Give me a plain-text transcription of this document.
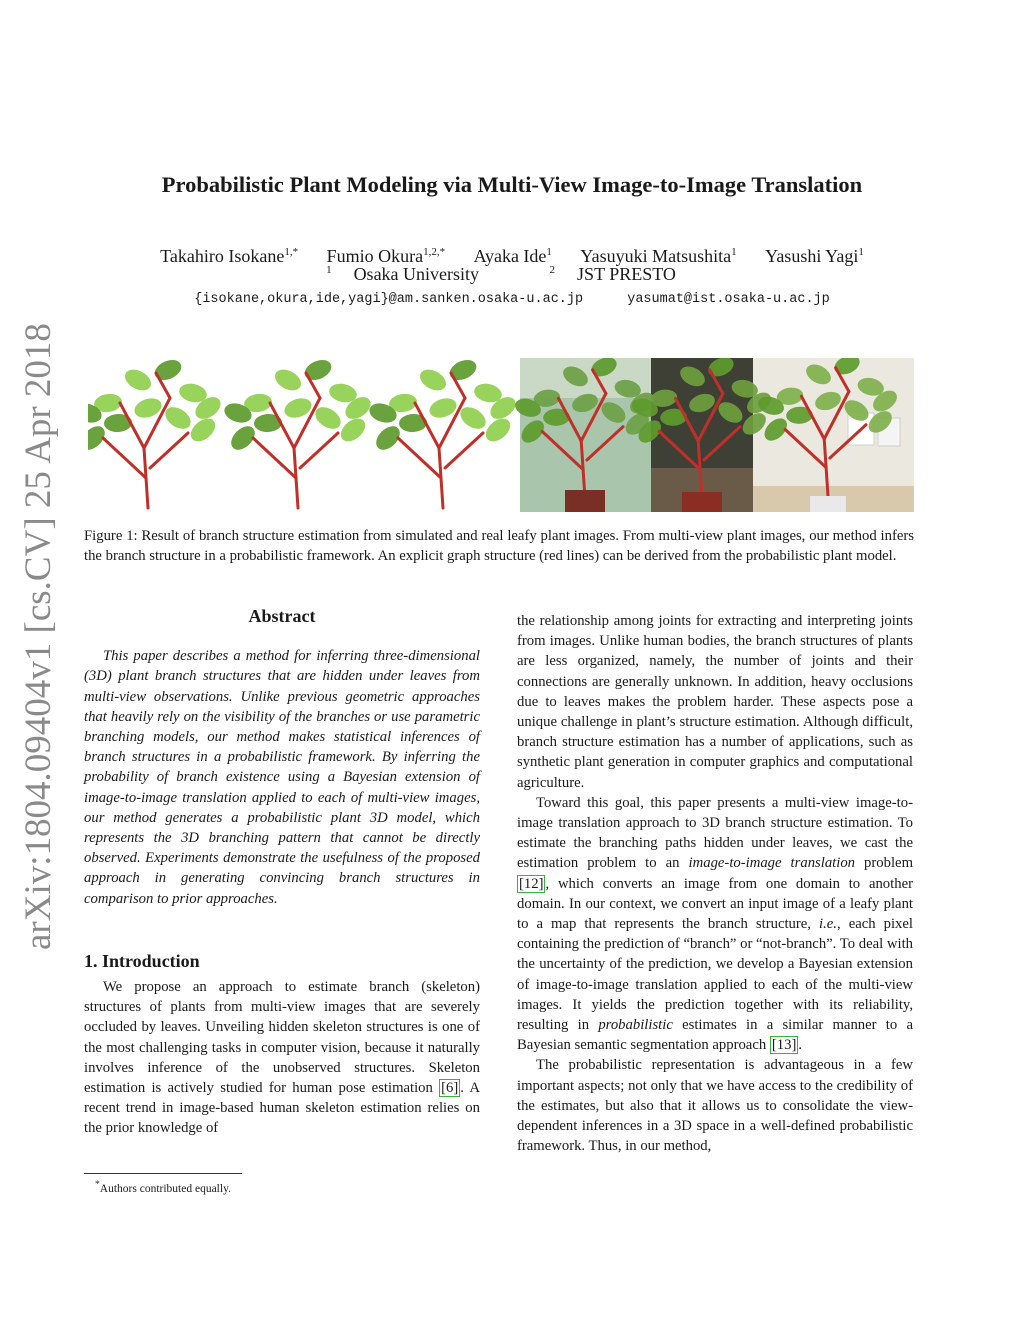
arXiv:1804.09404v1 [cs.CV] 25 Apr 2018
Probabilistic Plant Modeling via Multi-View Image-to-Image Translation
Takahiro Isokane$^{1,*}$ Fumio Okura$^{1,2,*}$ Ayaka Ide$^1$ Yasuyuki Matsushita$^1$ Yasushi Yagi$^1$
$^1$ Osaka University	$^2$ JST PRESTO
{isokane,okura,ide,yagi}@am.sanken.osaka-u.ac.jp	yasumat@ist.osaka-u.ac.jp
Figure 1: Result of branch structure estimation from simulated and real leafy plant images. From multi-view plant images, our method infers the branch structure in a probabilistic framework. An explicit graph structure (red lines) can be derived from the probabilistic plant model.

Abstract

This paper describes a method for inferring three-dimensional (3D) plant branch structures that are hidden under leaves from multi-view observations. Unlike previous geometric approaches that heavily rely on the visibility of the branches or use parametric branching models, our method makes statistical inferences of branch structures in a probabilistic framework. By inferring the probability of branch existence using a Bayesian extension of image-to-image translation applied to each of multi-view images, our method generates a probabilistic plant 3D model, which represents the 3D branching pattern that cannot be directly observed. Experiments demonstrate the usefulness of the proposed approach in generating convincing branch structures in comparison to prior approaches.

1. Introduction

We propose an approach to estimate branch (skeleton) structures of plants from multi-view images that are severely occluded by leaves. Unveiling hidden skeleton structures is one of the most challenging tasks in computer vision, because it naturally involves inference of the unobserved structures. Skeleton estimation is actively studied for human pose estimation [6] . A recent trend in image-based human skeleton estimation relies on the prior knowledge of

the relationship among joints for extracting and interpreting joints from images. Unlike human bodies, the branch structures of plants are less organized, namely, the number of joints and their connections are generally unknown. In addition, heavy occlusions due to leaves makes the problem harder. These aspects pose a unique challenge in plant’s structure estimation. Although difficult, branch structure estimation has a number of applications, such as synthetic plant generation in computer graphics and computational agriculture.

Toward this goal, this paper presents a multi-view image-to-image translation approach to 3D branch structure estimation. To estimate the branching paths hidden under leaves, we cast the estimation problem to an image-to-image translation problem [12] , which converts an image from one domain to another domain. In our context, we convert an input image of a leafy plant to a map that represents the branch structure, i.e., each pixel containing the prediction of “branch” or “not-branch”. To deal with the uncertainty of the prediction, we develop a Bayesian extension of image-to-image translation applied to each of the multi-view images. It yields the prediction together with its reliability, resulting in probabilistic estimates in a similar manner to a Bayesian semantic segmentation approach [13] .

The probabilistic representation is advantageous in a few important aspects; not only that we have access to the credibility of the estimates, but also that it allows us to consolidate the view-dependent inferences in a 3D space in a well-defined probabilistic framework. Thus, in our method,

*Authors contributed equally.
